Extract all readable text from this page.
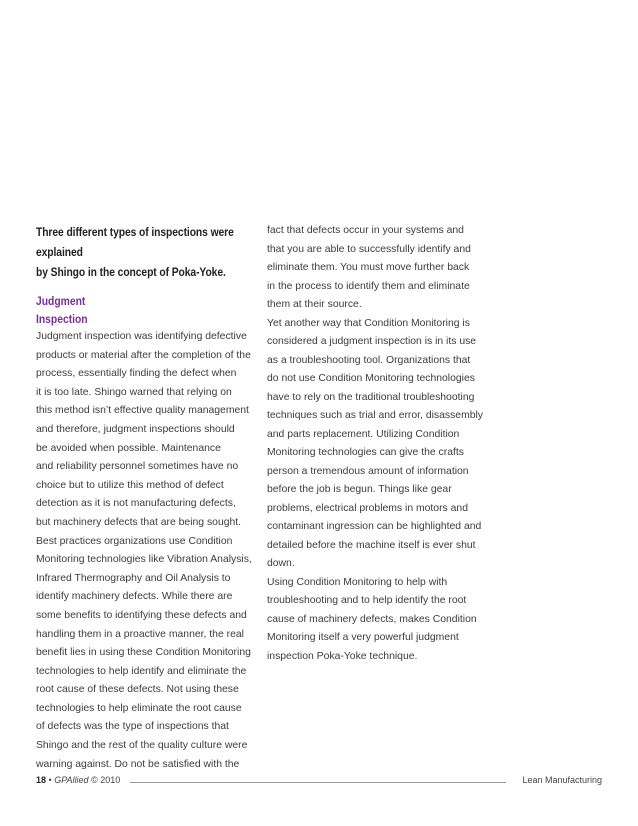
Three different types of inspections were explained
by Shingo in the concept of Poka-Yoke.
Judgment Inspection
Judgment inspection was identifying defective
products or material after the completion of the
process, essentially finding the defect when
it is too late. Shingo warned that relying on
this method isn’t effective quality management
and therefore, judgment inspections should
be avoided when possible. Maintenance
and reliability personnel sometimes have no
choice but to utilize this method of defect
detection as it is not manufacturing defects,
but machinery defects that are being sought.
Best practices organizations use Condition
Monitoring technologies like Vibration Analysis,
Infrared Thermography and Oil Analysis to
identify machinery defects. While there are
some benefits to identifying these defects and
handling them in a proactive manner, the real
benefit lies in using these Condition Monitoring
technologies to help identify and eliminate the
root cause of these defects. Not using these
technologies to help eliminate the root cause
of defects was the type of inspections that
Shingo and the rest of the quality culture were
warning against. Do not be satisfied with the
fact that defects occur in your systems and
that you are able to successfully identify and
eliminate them. You must move further back
in the process to identify them and eliminate
them at their source.
Yet another way that Condition Monitoring is
considered a judgment inspection is in its use
as a troubleshooting tool. Organizations that
do not use Condition Monitoring technologies
have to rely on the traditional troubleshooting
techniques such as trial and error, disassembly
and parts replacement. Utilizing Condition
Monitoring technologies can give the crafts
person a tremendous amount of information
before the job is begun. Things like gear
problems, electrical problems in motors and
contaminant ingression can be highlighted and
detailed before the machine itself is ever shut
down.
Using Condition Monitoring to help with
troubleshooting and to help identify the root
cause of machinery defects, makes Condition
Monitoring itself a very powerful judgment
inspection Poka-Yoke technique.
18 • GPAllied © 2010	Lean Manufacturing
